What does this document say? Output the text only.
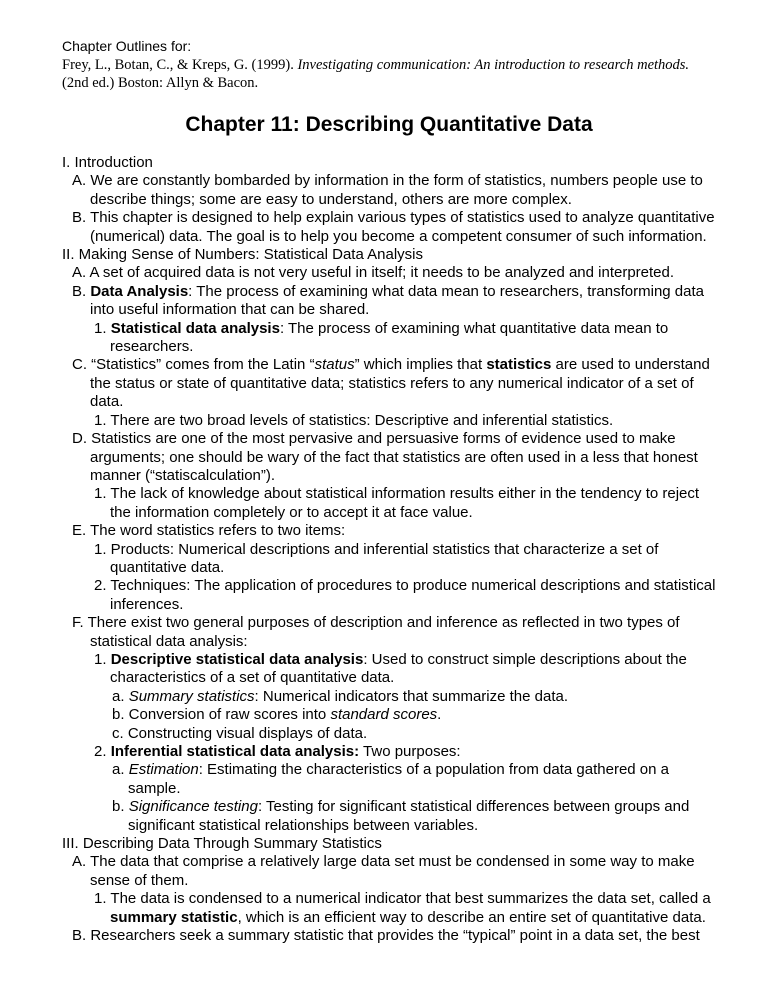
Chapter Outlines for:

Frey, L., Botan, C., & Kreps, G. (1999). Investigating communication: An introduction to research methods. (2nd ed.) Boston: Allyn & Bacon.

Chapter 11: Describing Quantitative Data
I. Introduction
A. We are constantly bombarded by information in the form of statistics, numbers people use to describe things; some are easy to understand, others are more complex.
B. This chapter is designed to help explain various types of statistics used to analyze quantitative (numerical) data. The goal is to help you become a competent consumer of such information.
II. Making Sense of Numbers: Statistical Data Analysis
A. A set of acquired data is not very useful in itself; it needs to be analyzed and interpreted.
B. Data Analysis: The process of examining what data mean to researchers, transforming data into useful information that can be shared.
1. Statistical data analysis: The process of examining what quantitative data mean to researchers.
C. “Statistics” comes from the Latin “status” which implies that statistics are used to understand the status or state of quantitative data; statistics refers to any numerical indicator of a set of data.
1. There are two broad levels of statistics: Descriptive and inferential statistics.
D. Statistics are one of the most pervasive and persuasive forms of evidence used to make arguments; one should be wary of the fact that statistics are often used in a less that honest manner (“statiscalculation”).
1. The lack of knowledge about statistical information results either in the tendency to reject the information completely or to accept it at face value.
E. The word statistics refers to two items:
1. Products: Numerical descriptions and inferential statistics that characterize a set of quantitative data.
2. Techniques: The application of procedures to produce numerical descriptions and statistical inferences.
F. There exist two general purposes of description and inference as reflected in two types of statistical data analysis:
1. Descriptive statistical data analysis: Used to construct simple descriptions about the characteristics of a set of quantitative data.
a. Summary statistics: Numerical indicators that summarize the data.
b. Conversion of raw scores into standard scores.
c. Constructing visual displays of data.
2. Inferential statistical data analysis: Two purposes:
a. Estimation: Estimating the characteristics of a population from data gathered on a sample.
b. Significance testing: Testing for significant statistical differences between groups and significant statistical relationships between variables.
III. Describing Data Through Summary Statistics
A. The data that comprise a relatively large data set must be condensed in some way to make sense of them.
1. The data is condensed to a numerical indicator that best summarizes the data set, called a summary statistic, which is an efficient way to describe an entire set of quantitative data.
B. Researchers seek a summary statistic that provides the “typical” point in a data set, the best
